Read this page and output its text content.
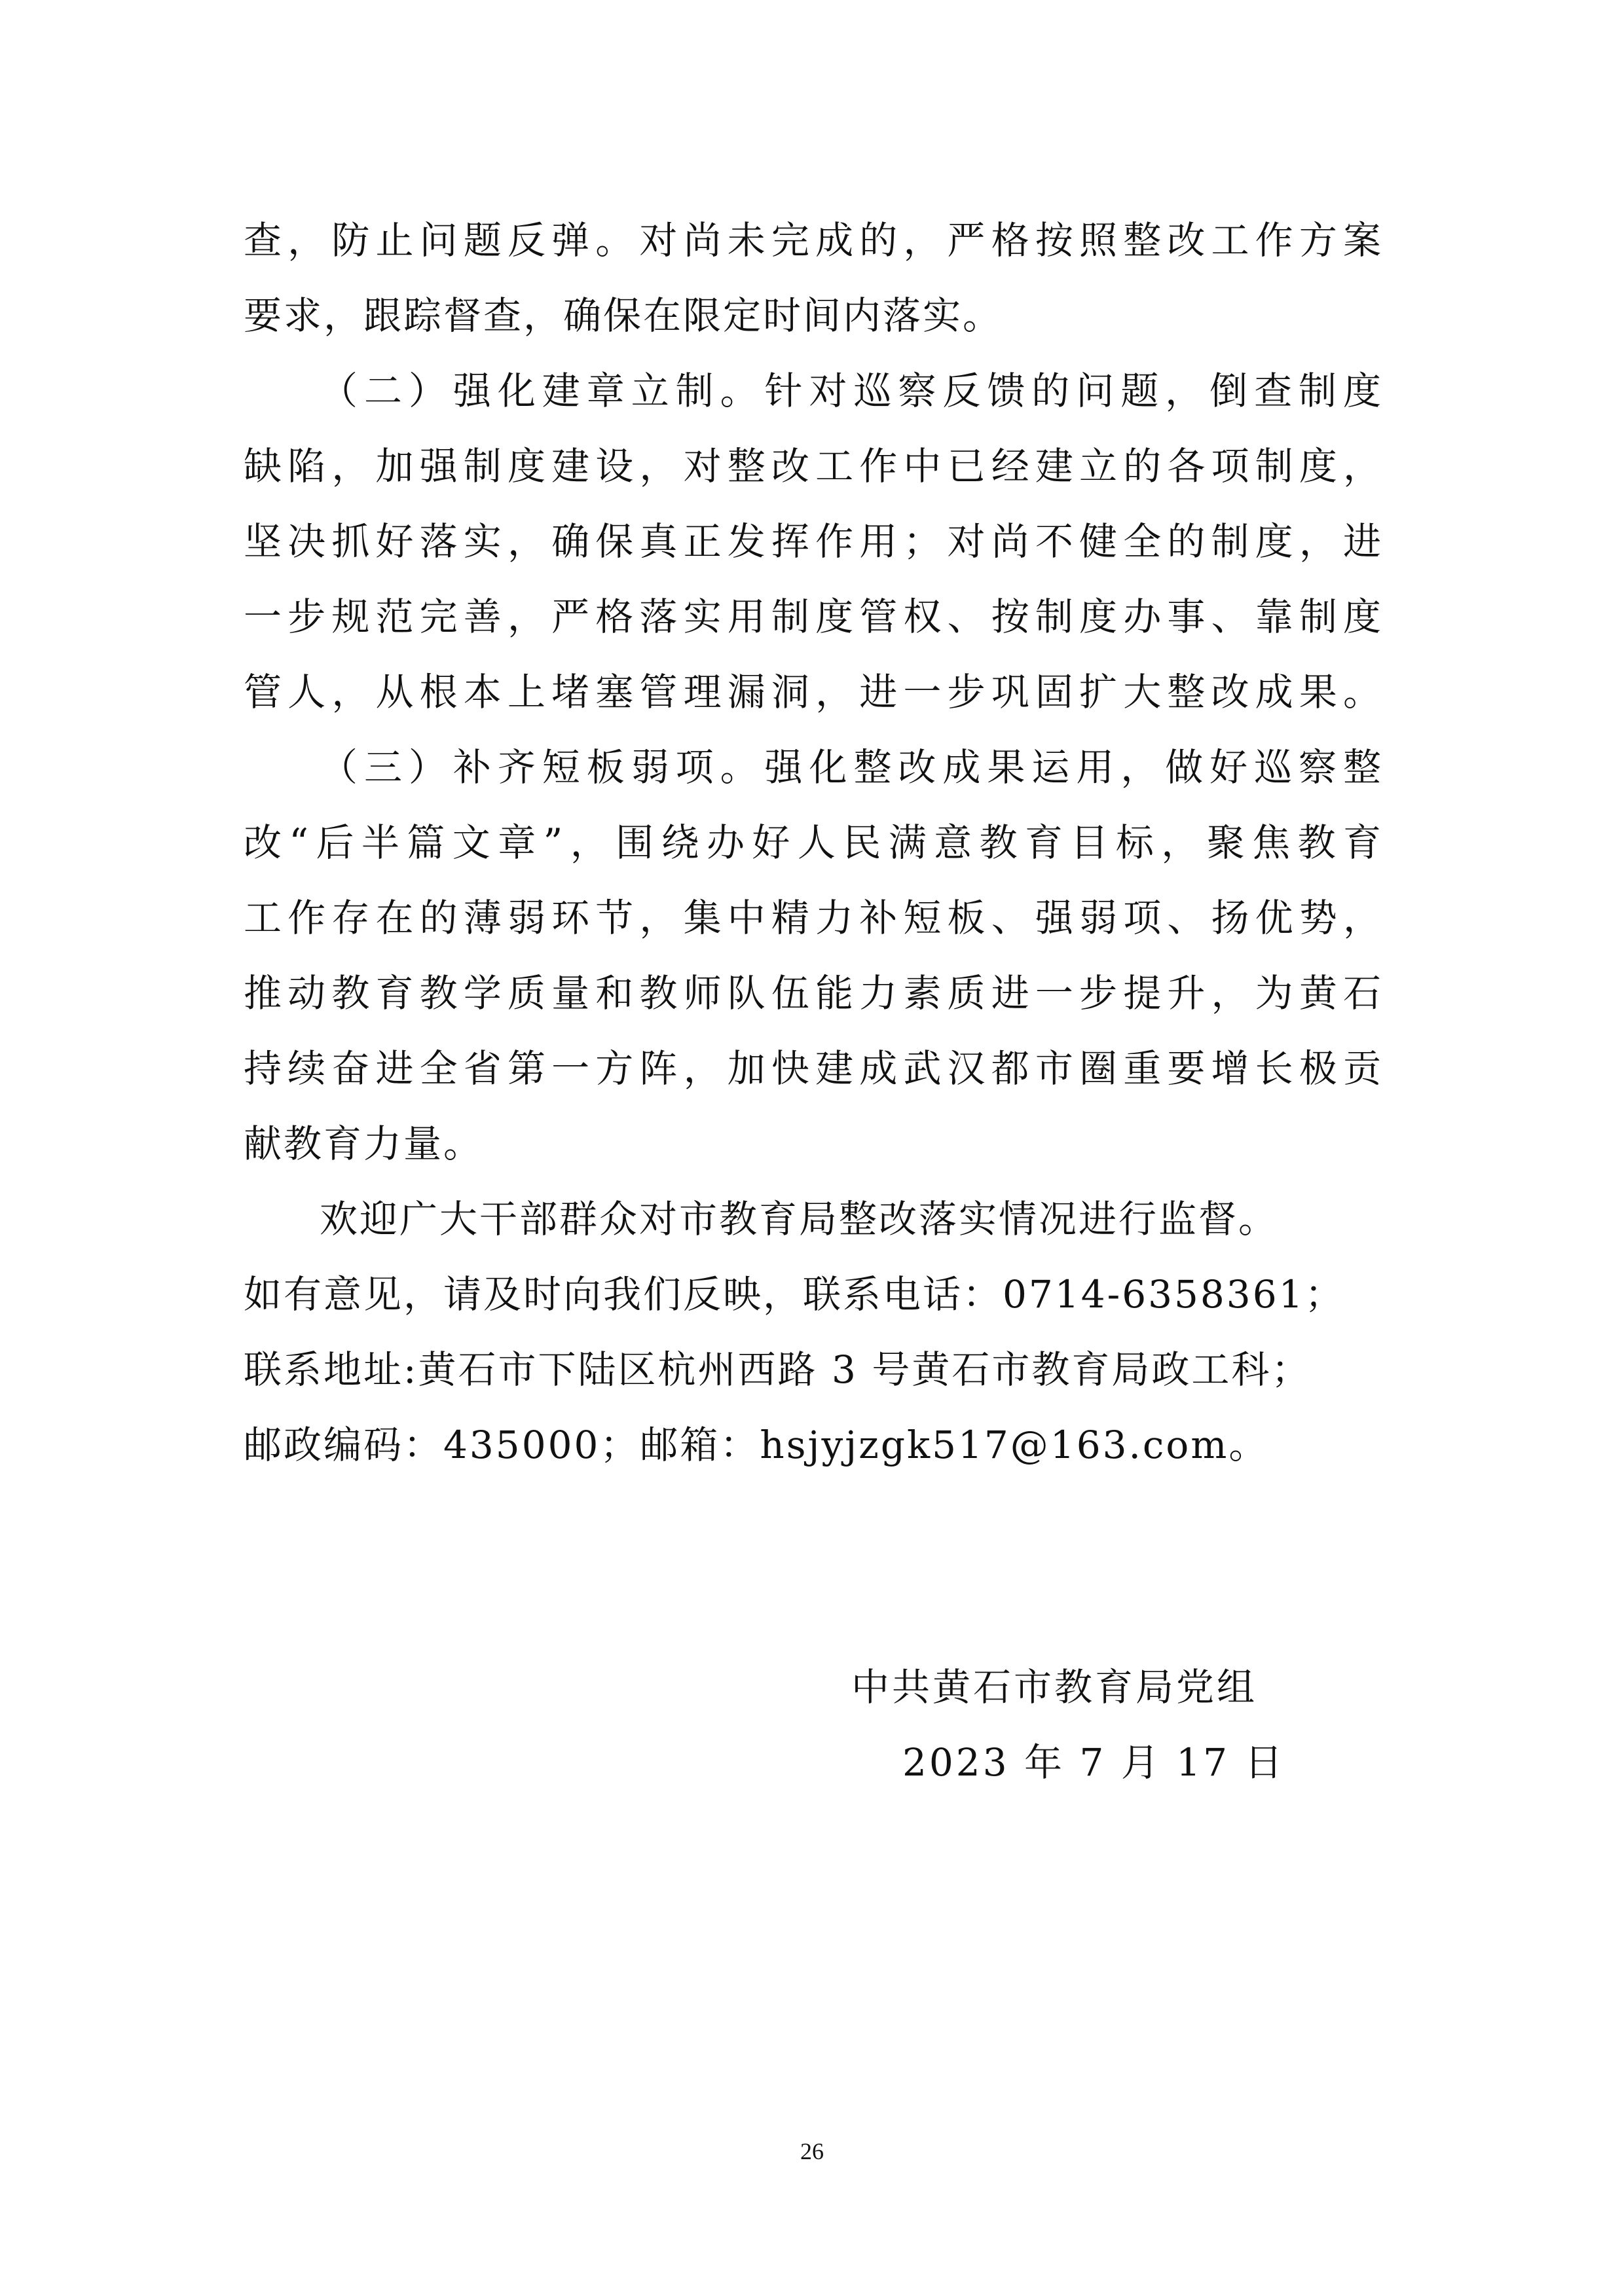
查，防止问题反弹。对尚未完成的，严格按照整改工作方案
要求，跟踪督查，确保在限定时间内落实。
（二）强化建章立制。针对巡察反馈的问题，倒查制度
缺陷，加强制度建设，对整改工作中已经建立的各项制度，
坚决抓好落实，确保真正发挥作用；对尚不健全的制度，进
一步规范完善，严格落实用制度管权、按制度办事、靠制度
管人，从根本上堵塞管理漏洞，进一步巩固扩大整改成果。
（三）补齐短板弱项。强化整改成果运用，做好巡察整
改“后半篇文章”，围绕办好人民满意教育目标，聚焦教育
工作存在的薄弱环节，集中精力补短板、强弱项、扬优势，
推动教育教学质量和教师队伍能力素质进一步提升，为黄石
持续奋进全省第一方阵，加快建成武汉都市圈重要增长极贡
献教育力量。
欢迎广大干部群众对市教育局整改落实情况进行监督。
如有意见，请及时向我们反映，联系电话：0714-6358361；
联系地址:黄石市下陆区杭州西路 3 号黄石市教育局政工科；
邮政编码：435000；邮箱：hsjyjzgk517@163.com。
中共黄石市教育局党组
2023 年 7 月 17 日
26
